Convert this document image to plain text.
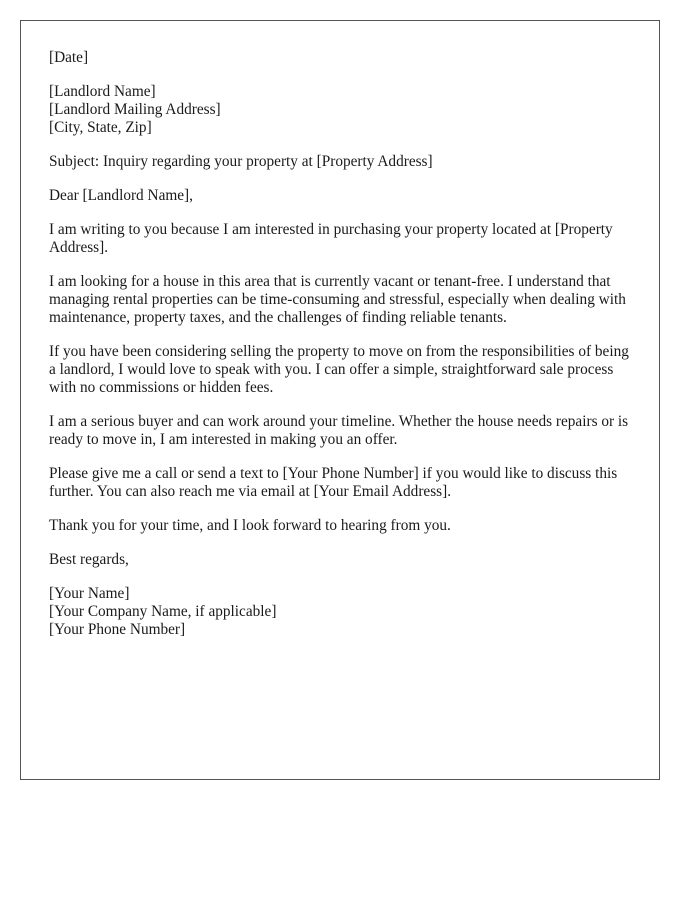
[Date]

[Landlord Name]
[Landlord Mailing Address]
[City, State, Zip]

Subject: Inquiry regarding your property at [Property Address]

Dear [Landlord Name],

I am writing to you because I am interested in purchasing your property located at [Property Address].

I am looking for a house in this area that is currently vacant or tenant-free. I understand that managing rental properties can be time-consuming and stressful, especially when dealing with maintenance, property taxes, and the challenges of finding reliable tenants.

If you have been considering selling the property to move on from the responsibilities of being a landlord, I would love to speak with you. I can offer a simple, straightforward sale process with no commissions or hidden fees.

I am a serious buyer and can work around your timeline. Whether the house needs repairs or is ready to move in, I am interested in making you an offer.

Please give me a call or send a text to [Your Phone Number] if you would like to discuss this further. You can also reach me via email at [Your Email Address].

Thank you for your time, and I look forward to hearing from you.

Best regards,

[Your Name]
[Your Company Name, if applicable]
[Your Phone Number]
